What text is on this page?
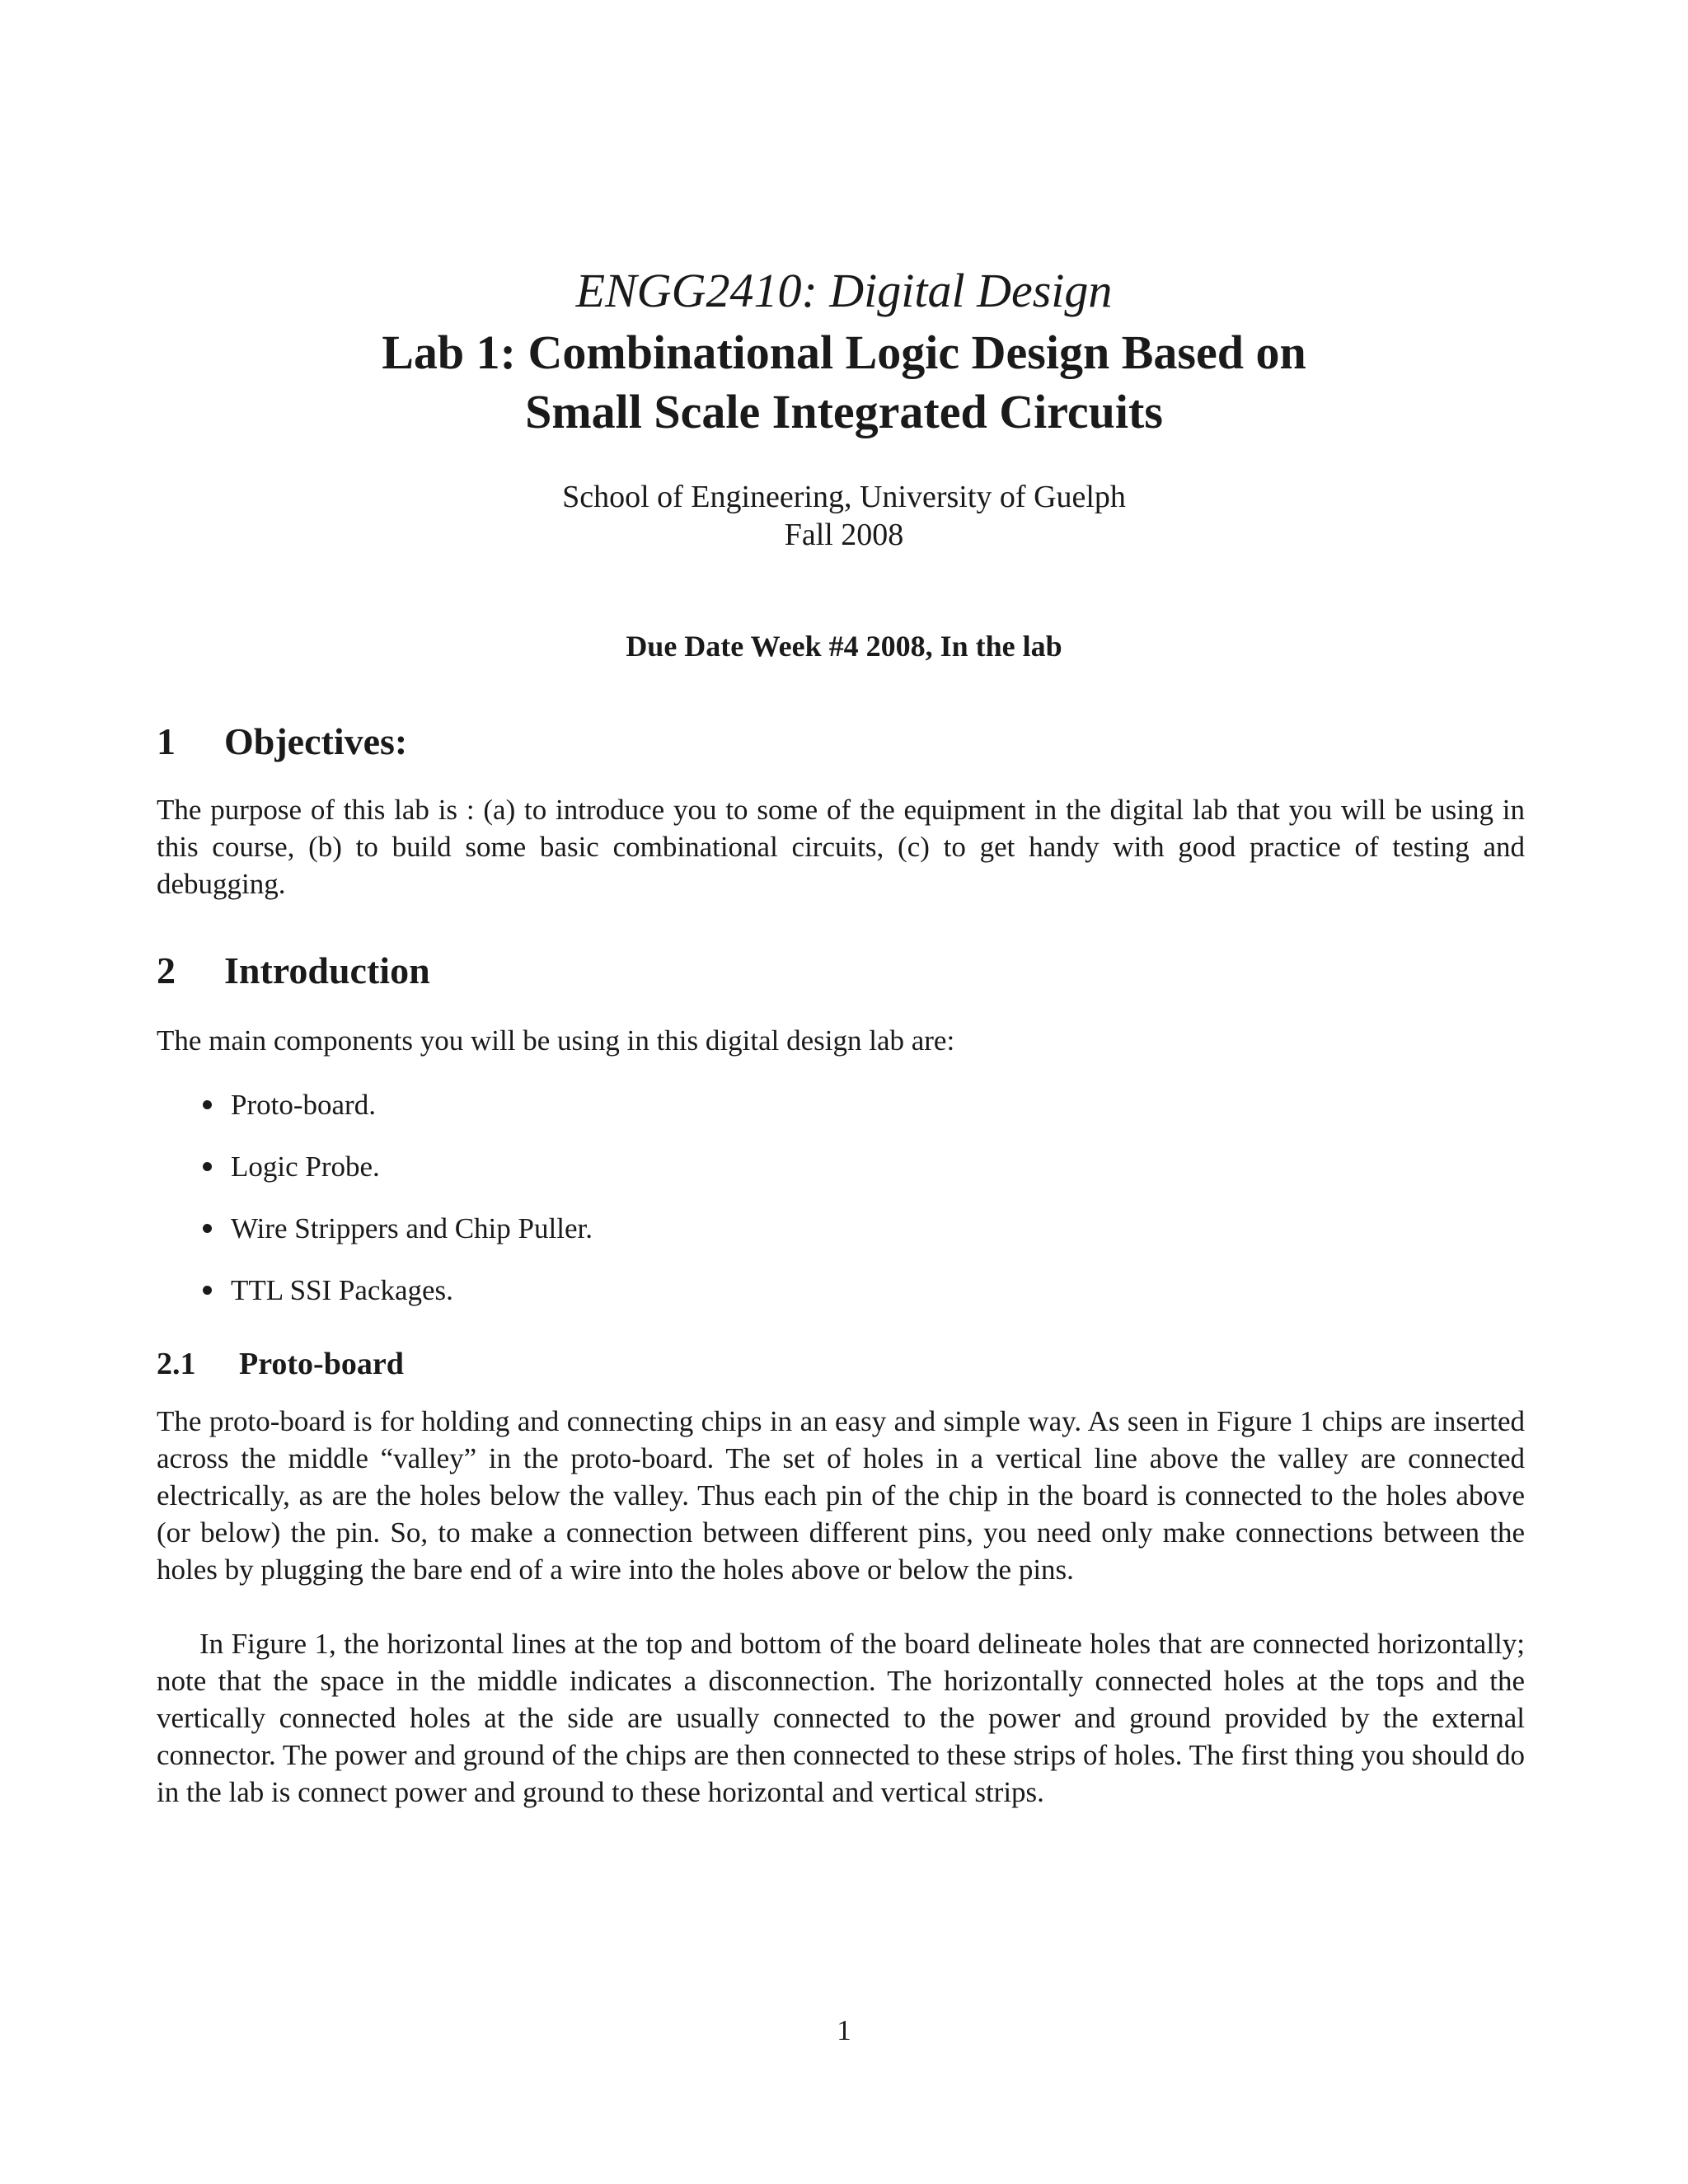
ENGG2410: Digital Design
Lab 1: Combinational Logic Design Based on
Small Scale Integrated Circuits
School of Engineering, University of Guelph
Fall 2008
Due Date Week #4 2008, In the lab
1 Objectives:

The purpose of this lab is : (a) to introduce you to some of the equipment in the digital lab that you will be using in this course, (b) to build some basic combinational circuits, (c) to get handy with good practice of testing and debugging.

2 Introduction

The main components you will be using in this digital design lab are:

Proto-board.
Logic Probe.
Wire Strippers and Chip Puller.
TTL SSI Packages.
2.1 Proto-board

The proto-board is for holding and connecting chips in an easy and simple way. As seen in Figure 1 chips are inserted across the middle “valley” in the proto-board. The set of holes in a vertical line above the valley are connected electrically, as are the holes below the valley. Thus each pin of the chip in the board is connected to the holes above (or below) the pin. So, to make a connection between different pins, you need only make connections between the holes by plugging the bare end of a wire into the holes above or below the pins.

In Figure 1, the horizontal lines at the top and bottom of the board delineate holes that are connected horizontally; note that the space in the middle indicates a disconnection. The horizontally connected holes at the tops and the vertically connected holes at the side are usually connected to the power and ground provided by the external connector. The power and ground of the chips are then connected to these strips of holes. The first thing you should do in the lab is connect power and ground to these horizontal and vertical strips.

1
